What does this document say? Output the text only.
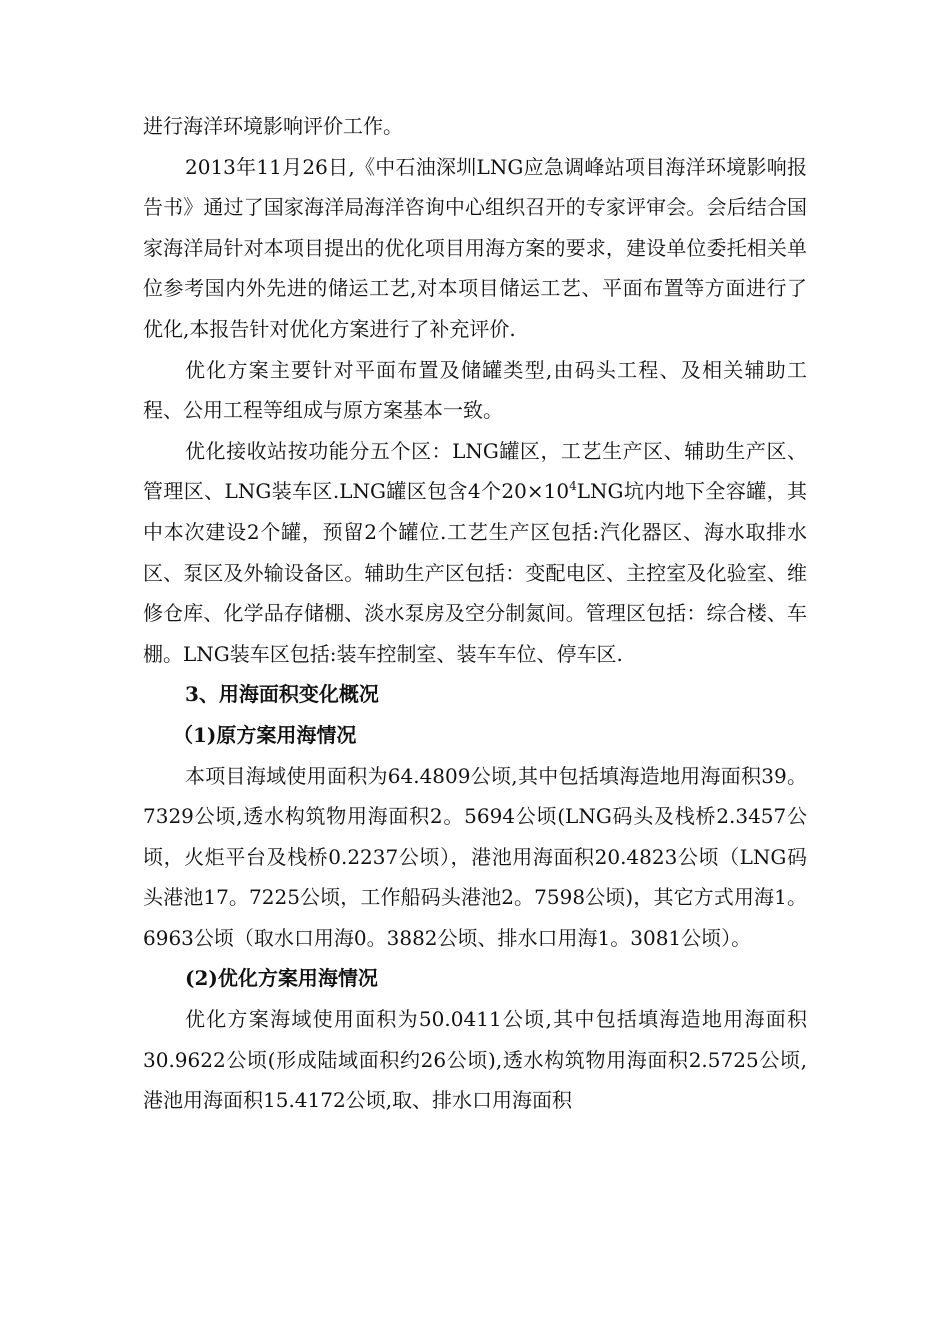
进行海洋环境影响评价工作。

2013年11月26日,《中石油深圳LNG应急调峰站项目海洋环境影响报告书》通过了国家海洋局海洋咨询中心组织召开的专家评审会。会后结合国家海洋局针对本项目提出的优化项目用海方案的要求，建设单位委托相关单位参考国内外先进的储运工艺,对本项目储运工艺、平面布置等方面进行了优化,本报告针对优化方案进行了补充评价.

优化方案主要针对平面布置及储罐类型,由码头工程、及相关辅助工程、公用工程等组成与原方案基本一致。

优化接收站按功能分五个区：LNG罐区，工艺生产区、辅助生产区、管理区、LNG装车区.LNG罐区包含4个$20\times 10^4LNG$坑内地下全容罐，其中本次建设2个罐，预留2个罐位.工艺生产区包括:汽化器区、海水取排水区、泵区及外输设备区。辅助生产区包括：变配电区、主控室及化验室、维修仓库、化学品存储棚、淡水泵房及空分制氮间。管理区包括：综合楼、车棚。LNG装车区包括:装车控制室、装车车位、停车区.

3、用海面积变化概况

（1)原方案用海情况

本项目海域使用面积为64.4809公顷,其中包括填海造地用海面积39。7329公顷,透水构筑物用海面积2。5694公顷(LNG码头及栈桥2.3457公顷，火炬平台及栈桥0.2237公顷），港池用海面积20.4823公顷（LNG码头港池17。7225公顷，工作船码头港池2。7598公顷)，其它方式用海1。6963公顷（取水口用海0。3882公顷、排水口用海1。3081公顷）。

(2)优化方案用海情况

优化方案海域使用面积为50.0411公顷,其中包括填海造地用海面积30.9622公顷(形成陆域面积约26公顷),透水构筑物用海面积2.5725公顷,港池用海面积15.4172公顷,取、排水口用海面积
